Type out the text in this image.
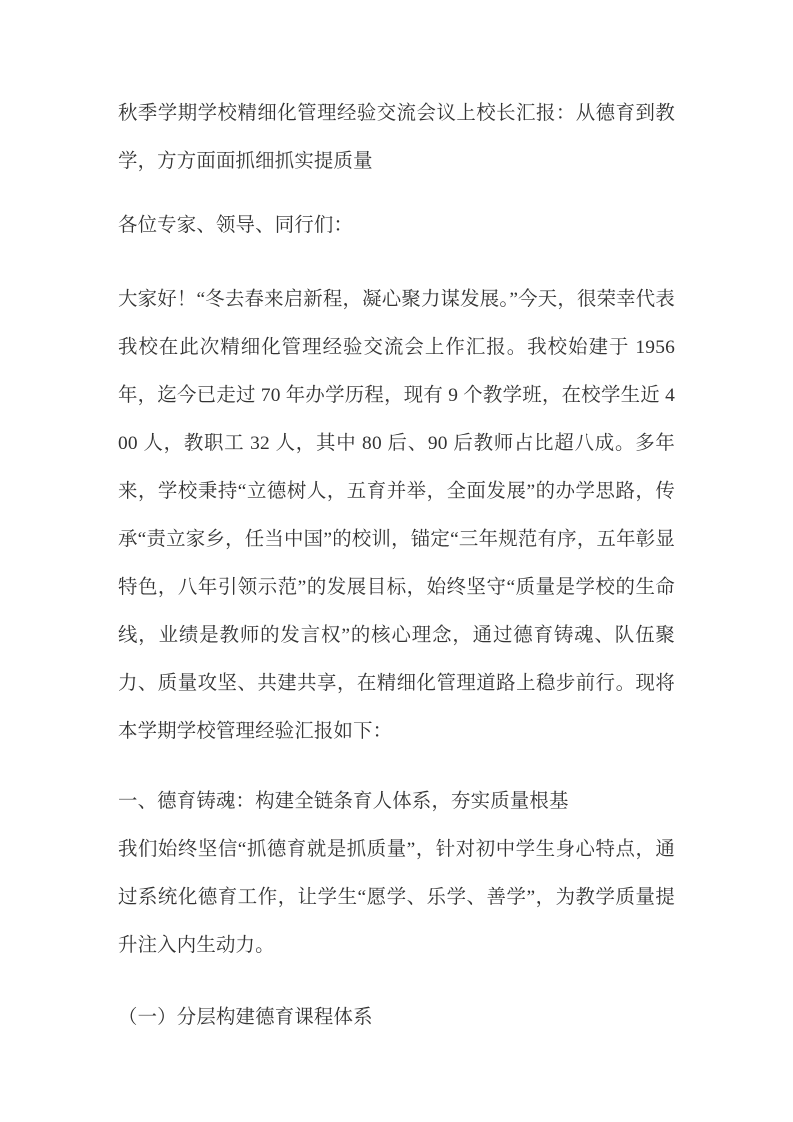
秋季学期学校精细化管理经验交流会议上校长汇报：从德育到教学，方方面面抓细抓实提质量

各位专家、领导、同行们：

大家好！“冬去春来启新程，凝心聚力谋发展。”今天，很荣幸代表我校在此次精细化管理经验交流会上作汇报。我校始建于 1956 年，迄今已走过 70 年办学历程，现有 9 个教学班，在校学生近 400 人，教职工 32 人，其中 80 后、90 后教师占比超八成。多年来，学校秉持“立德树人，五育并举，全面发展”的办学思路，传承“责立家乡，任当中国”的校训，锚定“三年规范有序，五年彰显特色，八年引领示范”的发展目标，始终坚守“质量是学校的生命线，业绩是教师的发言权”的核心理念，通过德育铸魂、队伍聚力、质量攻坚、共建共享，在精细化管理道路上稳步前行。现将本学期学校管理经验汇报如下：

一、德育铸魂：构建全链条育人体系，夯实质量根基

我们始终坚信“抓德育就是抓质量”，针对初中学生身心特点，通过系统化德育工作，让学生“愿学、乐学、善学”，为教学质量提升注入内生动力。

（一）分层构建德育课程体系
